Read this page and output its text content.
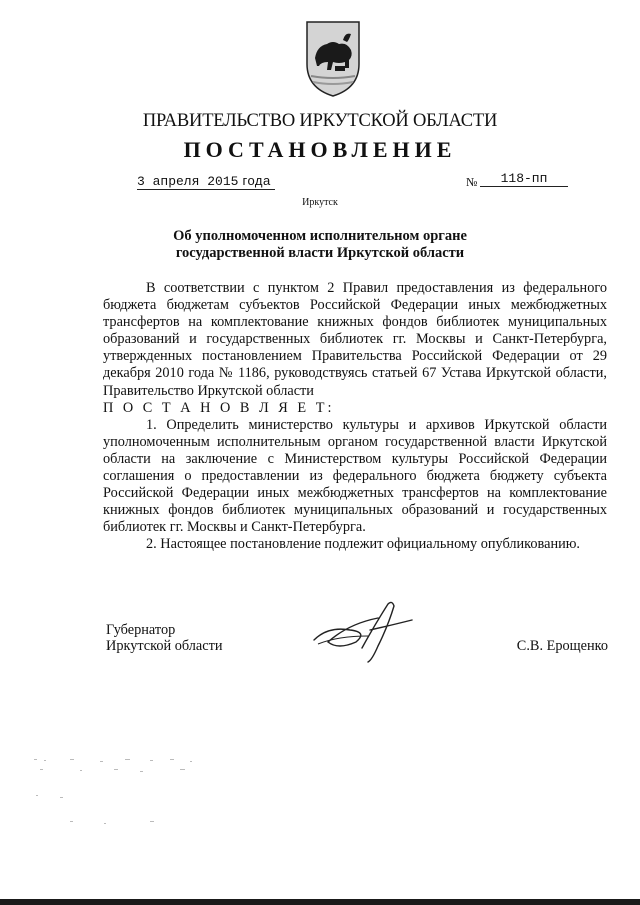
ПРАВИТЕЛЬСТВО ИРКУТСКОЙ ОБЛАСТИ
ПОСТАНОВЛЕНИЕ
3 апреля 2015 года	№	118-пп
Иркутск
Об уполномоченном исполнительном органе
государственной власти Иркутской области

В соответствии с пунктом 2 Правил предоставления из федерального бюджета бюджетам субъектов Российской Федерации иных межбюджетных трансфертов на комплектование книжных фондов библиотек муниципальных образований и государственных библиотек гг. Москвы и Санкт-Петербурга, утвержденных постановлением Правительства Российской Федерации от 29 декабря 2010 года № 1186, руководствуясь статьей 67 Устава Иркутской области, Правительство Иркутской области

П О С Т А Н О В Л Я Е Т:

1. Определить министерство культуры и архивов Иркутской области уполномоченным исполнительным органом государственной власти Иркутской области на заключение с Министерством культуры Российской Федерации соглашения о предоставлении из федерального бюджета бюджету субъекта Российской Федерации иных межбюджетных трансфертов на комплектование книжных фондов библиотек муниципальных образований и государственных библиотек гг. Москвы и Санкт-Петербурга.

2. Настоящее постановление подлежит официальному опубликованию.

Губернатор
Иркутской области	С.В. Ерощенко
